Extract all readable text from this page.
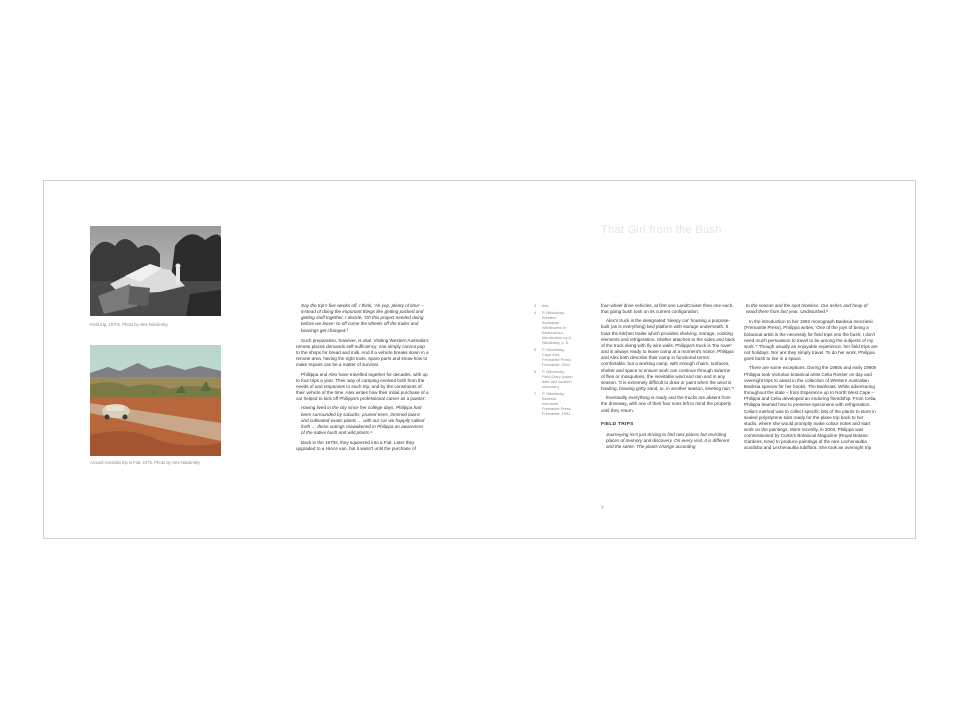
Field trip, 1970s. Photo by Alex Nikulinsky.
Around Australia trip in Fiat, 1975. Photo by Alex Nikulinsky.

Say the trip's five weeks off, I think, 'Ah yep, plenty of time' – instead of doing the important things like getting packed and getting stuff together, I decide, 'Oh this project needed doing before we leave' so off come the wheels off the trailer and bearings get changed.³

Such preparation, however, is vital. Visiting Western Australia's remote places demands self-sufficiency; one simply cannot pop to the shops for bread and milk. And if a vehicle breaks down in a remote area, having the right tools, spare parts and know-how to make repairs can be a matter of survival.

Phillippa and Alex have travelled together for decades, with up to four trips a year. Their way of camping evolved both from the needs of and responses to each trip, and by the constraints of their vehicle of the time. Alex writes how their initial purchase of a car helped to kick off Philippa's professional career as a painter:

Having lived in the city since her college days, Philippa had been surrounded by suburbs, pruned trees, trimmed lawns and cultivated exotic plants … with our car we happily sallied forth … these outings reawakened in Philippa an awareness of the native bush and wild plants.⁴

Back in the 1970s, they squeezed into a Fiat. Later they upgraded to a HiAce van, but it wasn't until the purchase of

That Girl from the Bush
3	Ibid.
4	P. Nikulinsky, Western Australian Wildflowers in Watercolour, Introduction by A. Nikulinsky, p. 8.
5	P. Nikulinsky, Cape Arid, Fremantle Press, Fremantle, 2012.
6	P. Nikulinsky, Field Diary (camp date and location unknown).
7	P. Nikulinsky, Banksia menziesii, Fremantle Press, Fremantle, 1992.

four-wheel drive vehicles, at first one LandCruiser then one each, that going bush took on its current configuration.

Alex's truck is the designated 'sleepy car' housing a purpose-built (as is everything) bed platform with storage underneath. It tows the kitchen trailer which provides shelving, storage, cooking elements and refrigeration. Shelter attaches to the sides and back of the truck along with fly wire walls. Philippa's truck is 'the rover' and is always ready to leave camp at a moment's notice. Philippa and Alex both describe their camp in functional terms: comfortable, but a working camp, with enough chairs, surfaces, shelter and space to ensure work can continue through swarms of flies or mosquitoes, the inevitable wind and rain and in any season. 'It is extremely difficult to draw or paint when the wind is howling, blowing gritty sand, or, in another season, sleeting rain.'⁵

Eventually everything is ready and the trucks are absent from the driveway, with one of their four sons left to mind the property until they return.

FIELD TRIPS

Journeying isn't just driving to find new places but revisiting places of memory and discovery. On every visit, it is different and the same. The plants change according

to the season and the spot timeless. Our ashes and heap of wood there from last year. Undisturbed.⁶

In the introduction to her 1992 monograph Banksia menziesii (Fremantle Press), Philippa writes, 'One of the joys of being a botanical artist is the necessity for field trips into the bush; I don't need much persuasion to travel to be among the subjects of my work.'⁷ Though usually an enjoyable experience, her field trips are not holidays. Nor are they simply travel. To do her work, Philippa goes bush to live in a space.

There are some exceptions. During the 1980s and early 1990s Philippa took Victorian botanical artist Celia Rosser on day and overnight trips to assist in the collection of Western Australian Banksia species for her books, The Banksias. While adventuring throughout the state – from Esperance up to North West Cape – Philippa and Celia developed an enduring friendship. From Celia, Philippa learned how to preserve specimens with refrigeration. Celia's method was to collect specific bits of the plants to store in sealed polystyrene tubs ready for the plane trip back to her studio, where she would promptly make colour notes and start work on the paintings. More recently, in 2003, Philippa was commissioned by Curtis's Botanical Magazine (Royal Botanic Gardens, Kew) to produce paintings of the rare Lechenaultia acutiloba and Lechenaultia tubiflora. She took an overnight trip

7
